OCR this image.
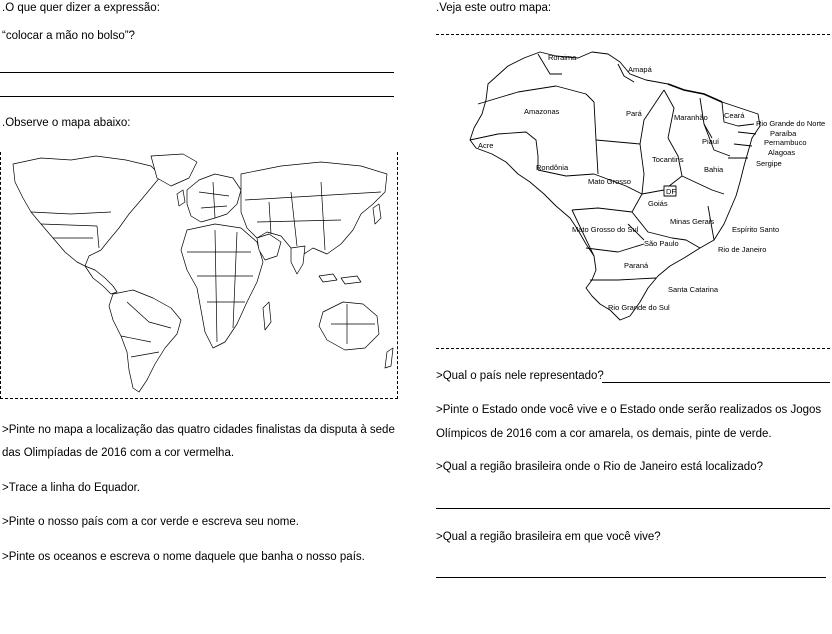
.O que quer dizer a expressão:
“colocar a mão no bolso”?
.Observe o mapa abaixo:
>Pinte no mapa a localização das quatro cidades finalistas da disputa à sede
das Olimpíadas de 2016 com a cor vermelha.
>Trace a linha do Equador.
>Pinte o nosso país com a cor verde e escreva seu nome.
>Pinte os oceanos e escreva o nome daquele que banha o nosso país.
.Veja este outro mapa:
Roraima
Amapá
Amazonas	Pará	Maranhão Ceará
Rio Grande do Norte
Paraíba
Pernambuco
Alagoas
Sergipe
Acre
Rondônia
Mato Grosso
Tocantins
Piauí
Bahia
DF
Goiás
Minas Gerais
Espírito Santo
Mato Grosso do Sul
São Paulo
Rio de Janeiro
Paraná
Santa Catarina
Rio Grande do Sul
>Qual o país nele representado?
>Pinte o Estado onde você vive e o Estado onde serão realizados os Jogos
Olímpicos de 2016 com a cor amarela, os demais, pinte de verde.
>Qual a região brasileira onde o Rio de Janeiro está localizado?
>Qual a região brasileira em que você vive?
